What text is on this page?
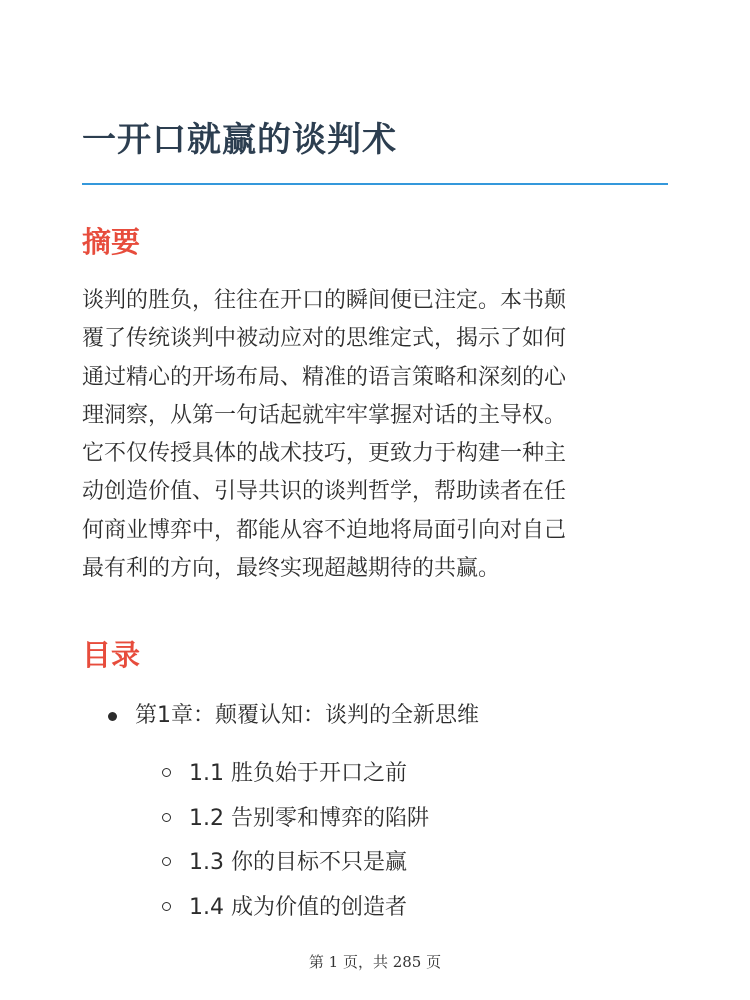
一开口就赢的谈判术
摘要

谈判的胜负，往往在开口的瞬间便已注定。本书颠
覆了传统谈判中被动应对的思维定式，揭示了如何
通过精心的开场布局、精准的语言策略和深刻的心
理洞察，从第一句话起就牢牢掌握对话的主导权。
它不仅传授具体的战术技巧，更致力于构建一种主
动创造价值、引导共识的谈判哲学，帮助读者在任
何商业博弈中，都能从容不迫地将局面引向对自己
最有利的方向，最终实现超越期待的共赢。

目录
第1章：颠覆认知：谈判的全新思维
1.1 胜负始于开口之前
1.2 告别零和博弈的陷阱
1.3 你的目标不只是赢
1.4 成为价值的创造者
第 1 页，共 285 页
